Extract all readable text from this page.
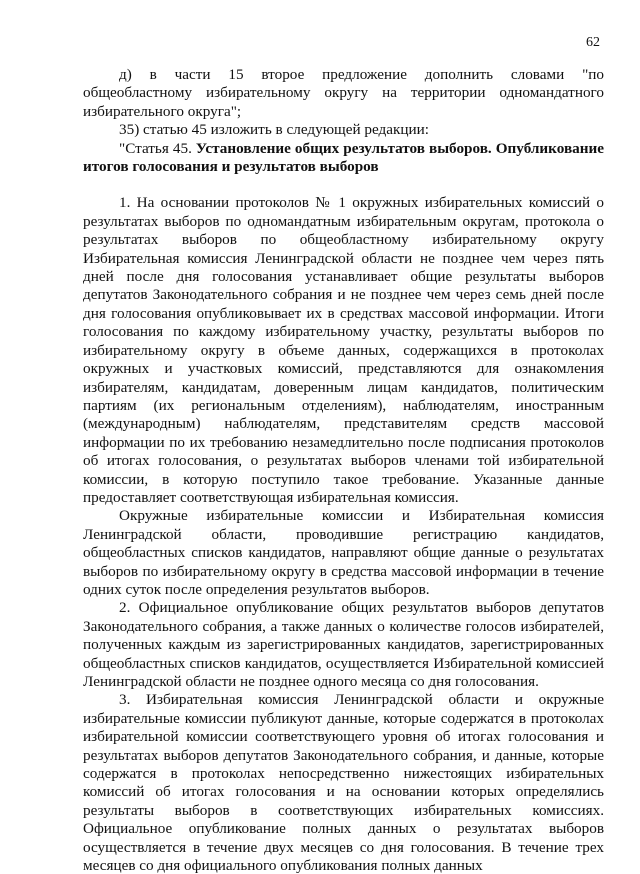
62

д) в части 15 второе предложение дополнить словами "по общеобластному избирательному округу на территории одномандатного избирательного округа";

35) статью 45 изложить в следующей редакции:

"Статья 45. Установление общих результатов выборов. Опубликование итогов голосования и результатов выборов

1. На основании протоколов № 1 окружных избирательных комиссий о результатах выборов по одномандатным избирательным округам, протокола о результатах выборов по общеобластному избирательному округу Избирательная комиссия Ленинградской области не позднее чем через пять дней после дня голосования устанавливает общие результаты выборов депутатов Законодательного собрания и не позднее чем через семь дней после дня голосования опубликовывает их в средствах массовой информации. Итоги голосования по каждому избирательному участку, результаты выборов по избирательному округу в объеме данных, содержащихся в протоколах окружных и участковых комиссий, представляются для ознакомления избирателям, кандидатам, доверенным лицам кандидатов, политическим партиям (их региональным отделениям), наблюдателям, иностранным (международным) наблюдателям, представителям средств массовой информации по их требованию незамедлительно после подписания протоколов об итогах голосования, о результатах выборов членами той избирательной комиссии, в которую поступило такое требование. Указанные данные предоставляет соответствующая избирательная комиссия.

Окружные избирательные комиссии и Избирательная комиссия Ленинградской области, проводившие регистрацию кандидатов, общеобластных списков кандидатов, направляют общие данные о результатах выборов по избирательному округу в средства массовой информации в течение одних суток после определения результатов выборов.

2. Официальное опубликование общих результатов выборов депутатов Законодательного собрания, а также данных о количестве голосов избирателей, полученных каждым из зарегистрированных кандидатов, зарегистрированных общеобластных списков кандидатов, осуществляется Избирательной комиссией Ленинградской области не позднее одного месяца со дня голосования.

3. Избирательная комиссия Ленинградской области и окружные избирательные комиссии публикуют данные, которые содержатся в протоколах избирательной комиссии соответствующего уровня об итогах голосования и результатах выборов депутатов Законодательного собрания, и данные, которые содержатся в протоколах непосредственно нижестоящих избирательных комиссий об итогах голосования и на основании которых определялись результаты выборов в соответствующих избирательных комиссиях. Официальное опубликование полных данных о результатах выборов осуществляется в течение двух месяцев со дня голосования. В течение трех месяцев со дня официального опубликования полных данных
